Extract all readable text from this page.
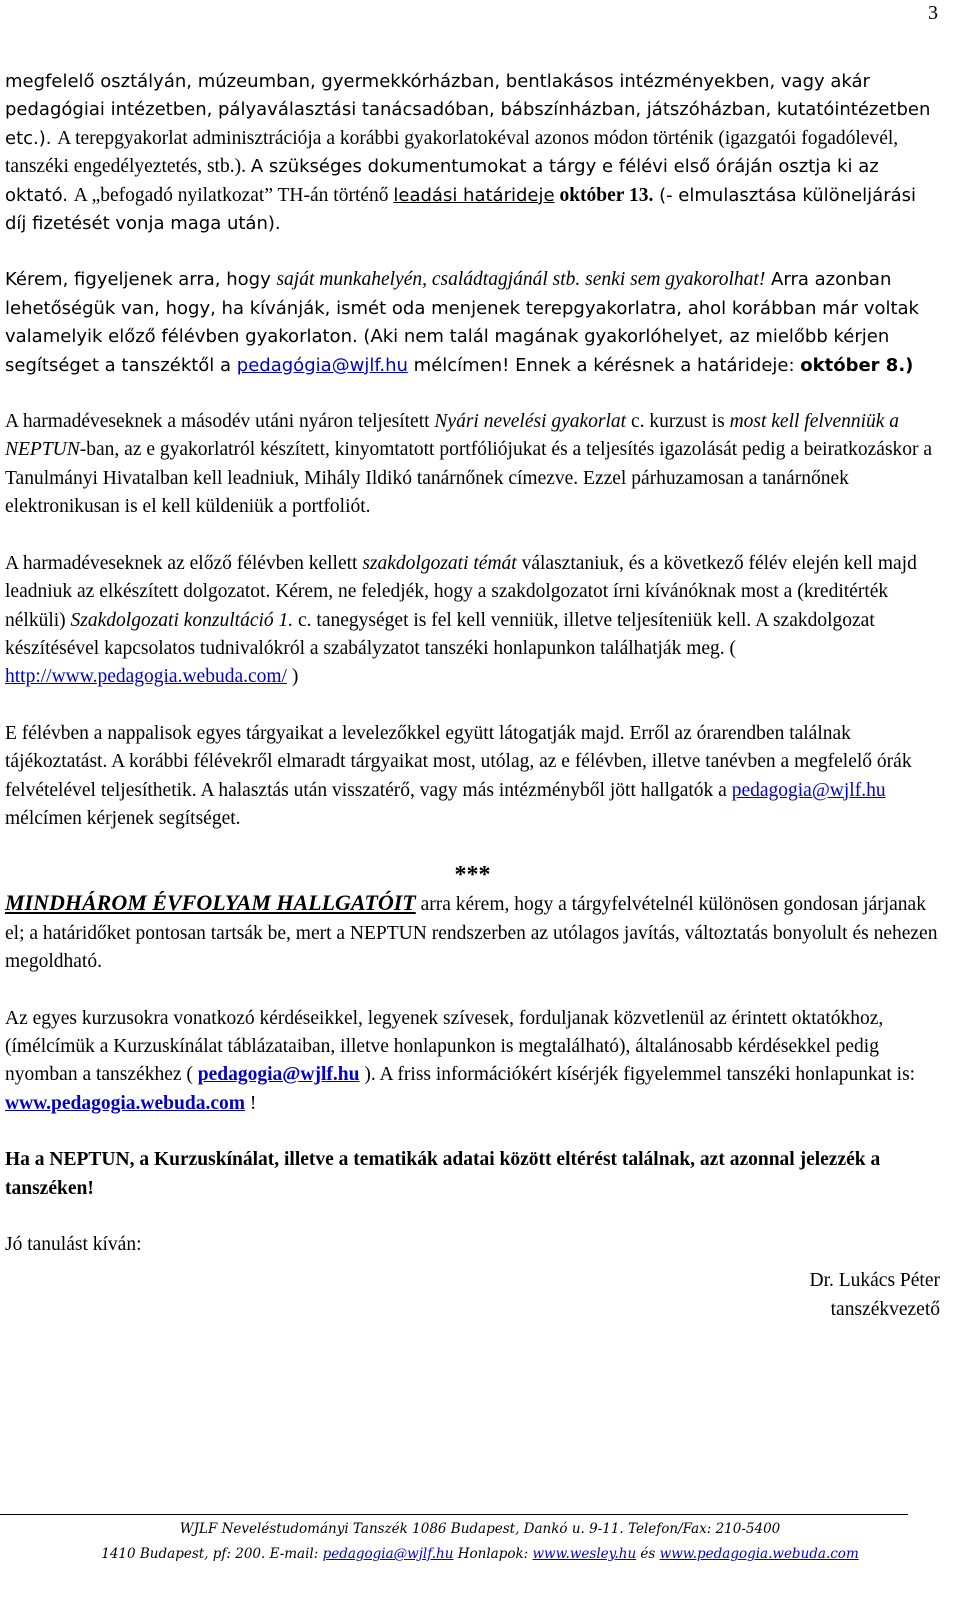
3

megfelelő osztályán, múzeumban, gyermekkórházban, bentlakásos intézményekben, vagy akár pedagógiai intézetben, pályaválasztási tanácsadóban, bábszínházban, játszóházban, kutatóintézetben etc.). A terepgyakorlat adminisztrációja a korábbi gyakorlatokéval azonos módon történik (igazgatói fogadólevél, tanszéki engedélyeztetés, stb.). A szükséges dokumentumokat a tárgy e félévi első óráján osztja ki az oktató. A „befogadó nyilatkozat” TH-án történő leadási határideje október 13. (- elmulasztása különeljárási díj fizetését vonja maga után).

Kérem, figyeljenek arra, hogy saját munkahelyén, családtagjánál stb. senki sem gyakorolhat! Arra azonban lehetőségük van, hogy, ha kívánják, ismét oda menjenek terepgyakorlatra, ahol korábban már voltak valamelyik előző félévben gyakorlaton. (Aki nem talál magának gyakorlóhelyet, az mielőbb kérjen segítséget a tanszéktől a pedagógia@wjlf.hu mélcímen! Ennek a kérésnek a határideje: október 8.)

A harmadéveseknek a másodév utáni nyáron teljesített Nyári nevelési gyakorlat c. kurzust is most kell felvenniük a NEPTUN-ban, az e gyakorlatról készített, kinyomtatott portfóliójukat és a teljesítés igazolását pedig a beiratkozáskor a Tanulmányi Hivatalban kell leadniuk, Mihály Ildikó tanárnőnek címezve. Ezzel párhuzamosan a tanárnőnek elektronikusan is el kell küldeniük a portfoliót.

A harmadéveseknek az előző félévben kellett szakdolgozati témát választaniuk, és a következő félév elején kell majd leadniuk az elkészített dolgozatot. Kérem, ne feledjék, hogy a szakdolgozatot írni kívánóknak most a (kreditérték nélküli) Szakdolgozati konzultáció 1. c. tanegységet is fel kell venniük, illetve teljesíteniük kell. A szakdolgozat készítésével kapcsolatos tudnivalókról a szabályzatot tanszéki honlapunkon találhatják meg. ( http://www.pedagogia.webuda.com/ )

E félévben a nappalisok egyes tárgyaikat a levelezőkkel együtt látogatják majd. Erről az órarendben találnak tájékoztatást. A korábbi félévekről elmaradt tárgyaikat most, utólag, az e félévben, illetve tanévben a megfelelő órák felvételével teljesíthetik. A halasztás után visszatérő, vagy más intézményből jött hallgatók a pedagogia@wjlf.hu mélcímen kérjenek segítséget.

***

MINDHÁROM ÉVFOLYAM HALLGATÓIT arra kérem, hogy a tárgyfelvételnél különösen gondosan járjanak el; a határidőket pontosan tartsák be, mert a NEPTUN rendszerben az utólagos javítás, változtatás bonyolult és nehezen megoldható.

Az egyes kurzusokra vonatkozó kérdéseikkel, legyenek szívesek, forduljanak közvetlenül az érintett oktatókhoz, (ímélcímük a Kurzuskínálat táblázataiban, illetve honlapunkon is megtalálható), általánosabb kérdésekkel pedig nyomban a tanszékhez ( pedagogia@wjlf.hu ). A friss információkért kísérjék figyelemmel tanszéki honlapunkat is: www.pedagogia.webuda.com !

Ha a NEPTUN, a Kurzuskínálat, illetve a tematikák adatai között eltérést találnak, azt azonnal jelezzék a tanszéken!

Jó tanulást kíván:

Dr. Lukács Péter
tanszékvezető
WJLF Neveléstudományi Tanszék 1086 Budapest, Dankó u. 9-11. Telefon/Fax: 210-5400
1410 Budapest, pf: 200. E-mail: pedagogia@wjlf.hu Honlapok: www.wesley.hu és www.pedagogia.webuda.com
